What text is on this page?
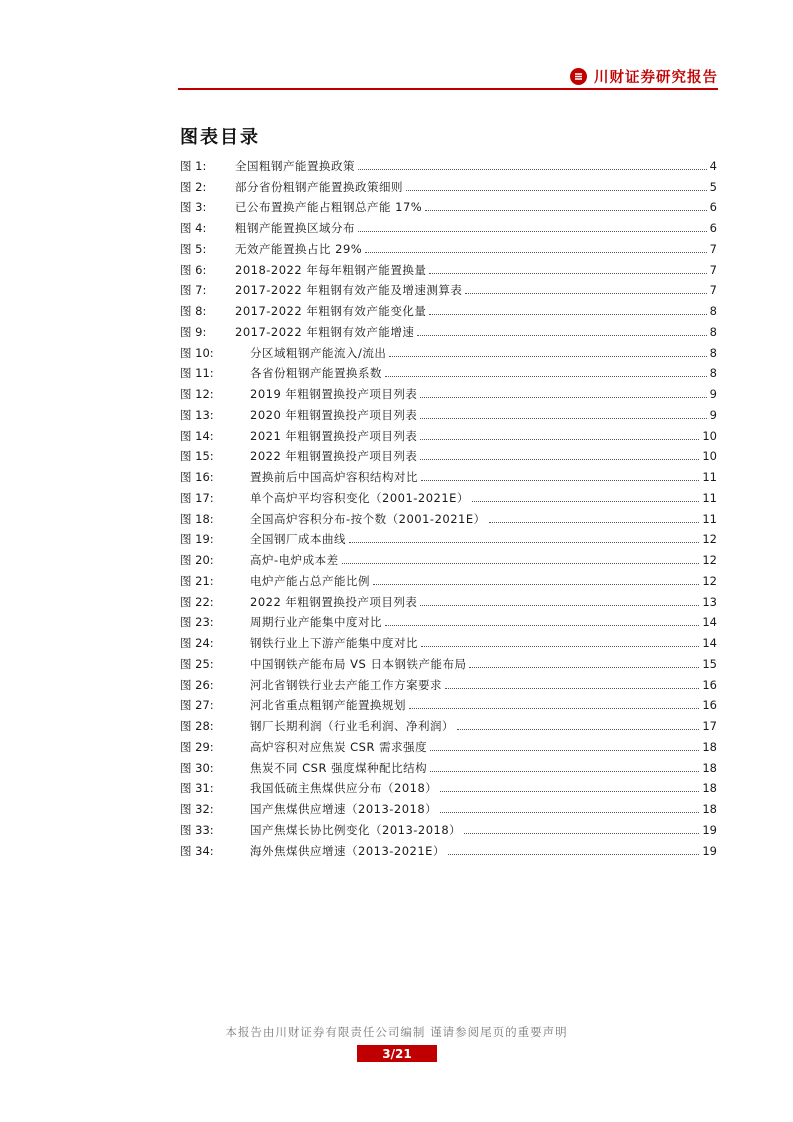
川财证券研究报告
图表目录
图 1:	全国粗钢产能置换政策	4
图 2:	部分省份粗钢产能置换政策细则	5
图 3:	已公布置换产能占粗钢总产能 17%	6
图 4:	粗钢产能置换区域分布	6
图 5:	无效产能置换占比 29%	7
图 6:	2018-2022 年每年粗钢产能置换量	7
图 7:	2017-2022 年粗钢有效产能及增速测算表	7
图 8:	2017-2022 年粗钢有效产能变化量	8
图 9:	2017-2022 年粗钢有效产能增速	8
图 10:	分区域粗钢产能流入/流出	8
图 11:	各省份粗钢产能置换系数	8
图 12:	2019 年粗钢置换投产项目列表	9
图 13:	2020 年粗钢置换投产项目列表	9
图 14:	2021 年粗钢置换投产项目列表	10
图 15:	2022 年粗钢置换投产项目列表	10
图 16:	置换前后中国高炉容积结构对比	11
图 17:	单个高炉平均容积变化（2001-2021E）	11
图 18:	全国高炉容积分布-按个数（2001-2021E）	11
图 19:	全国钢厂成本曲线	12
图 20:	高炉-电炉成本差	12
图 21:	电炉产能占总产能比例	12
图 22:	2022 年粗钢置换投产项目列表	13
图 23:	周期行业产能集中度对比	14
图 24:	钢铁行业上下游产能集中度对比	14
图 25:	中国钢铁产能布局 VS 日本钢铁产能布局	15
图 26:	河北省钢铁行业去产能工作方案要求	16
图 27:	河北省重点粗钢产能置换规划	16
图 28:	钢厂长期利润（行业毛利润、净利润）	17
图 29:	高炉容积对应焦炭 CSR 需求强度	18
图 30:	焦炭不同 CSR 强度煤种配比结构	18
图 31:	我国低硫主焦煤供应分布（2018）	18
图 32:	国产焦煤供应增速（2013-2018）	18
图 33:	国产焦煤长协比例变化（2013-2018）	19
图 34:	海外焦煤供应增速（2013-2021E）	19
本报告由川财证券有限责任公司编制 谨请参阅尾页的重要声明
3/21
